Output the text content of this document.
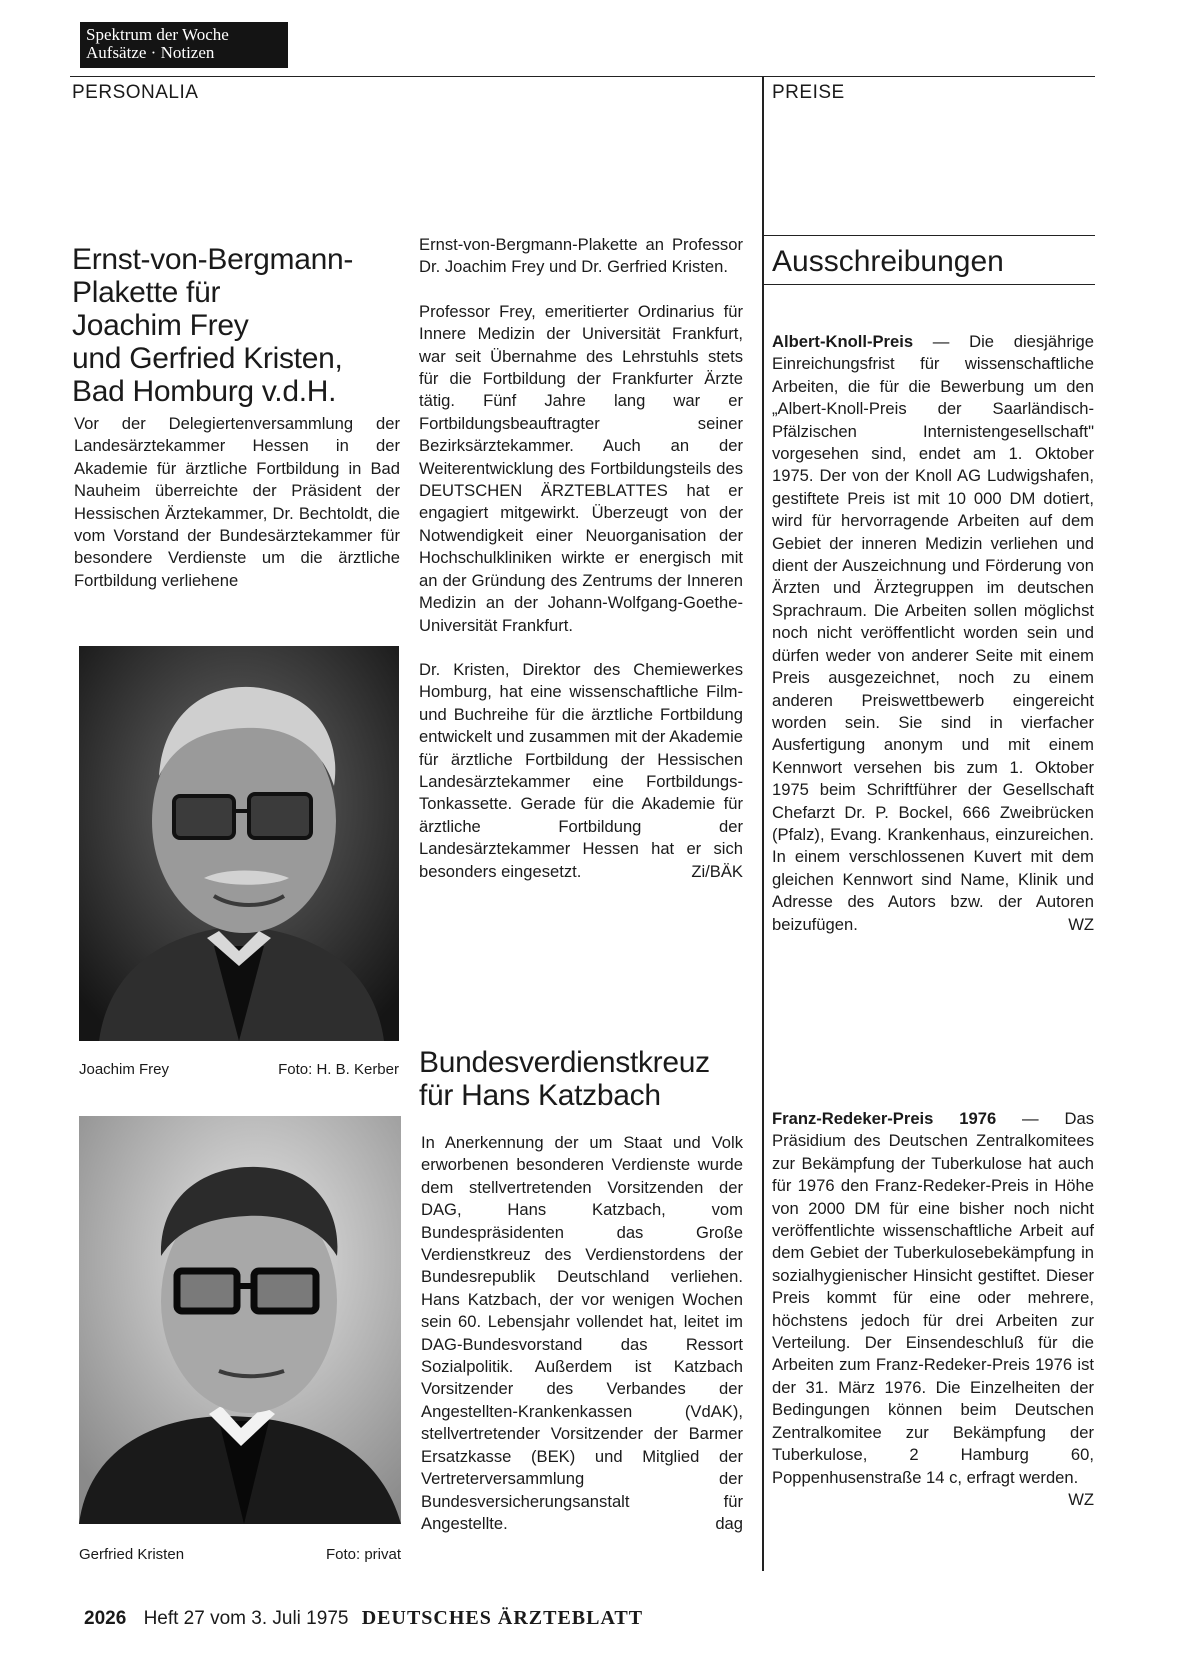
Spektrum der Woche
Aufsätze · Notizen
PERSONALIA	PREISE
Ernst-von-Bergmann-
Plakette für
Joachim Frey
und Gerfried Kristen,
Bad Homburg v.d.H.

Vor der Delegiertenversammlung der Landesärztekammer Hessen in der Akademie für ärztliche Fortbildung in Bad Nauheim überreichte der Präsident der Hessischen Ärztekammer, Dr. Bechtoldt, die vom Vorstand der Bundesärztekammer für besondere Verdienste um die ärztliche Fortbildung verliehene

Joachim Frey	Foto: H. B. Kerber
Gerfried Kristen	Foto: privat

Ernst-von-Bergmann-Plakette an Professor Dr. Joachim Frey und Dr. Gerfried Kristen.

Professor Frey, emeritierter Ordinarius für Innere Medizin der Universität Frankfurt, war seit Übernahme des Lehrstuhls stets für die Fortbildung der Frankfurter Ärzte tätig. Fünf Jahre lang war er Fortbildungsbeauftragter seiner Bezirksärztekammer. Auch an der Weiterentwicklung des Fortbildungsteils des DEUTSCHEN ÄRZTEBLATTES hat er engagiert mitgewirkt. Überzeugt von der Notwendigkeit einer Neuorganisation der Hochschulkliniken wirkte er energisch mit an der Gründung des Zentrums der Inneren Medizin an der Johann-Wolfgang-Goethe-Universität Frankfurt.

Dr. Kristen, Direktor des Chemiewerkes Homburg, hat eine wissenschaftliche Film- und Buchreihe für die ärztliche Fortbildung entwickelt und zusammen mit der Akademie für ärztliche Fortbildung der Hessischen Landesärztekammer eine Fortbildungs-Tonkassette. Gerade für die Akademie für ärztliche Fortbildung der Landesärztekammer Hessen hat er sich besonders eingesetzt.	Zi/BÄK

Bundesverdienstkreuz
für Hans Katzbach

In Anerkennung der um Staat und Volk erworbenen besonderen Verdienste wurde dem stellvertretenden Vorsitzenden der DAG, Hans Katzbach, vom Bundespräsidenten das Große Verdienstkreuz des Verdienstordens der Bundesrepublik Deutschland verliehen. Hans Katzbach, der vor wenigen Wochen sein 60. Lebensjahr vollendet hat, leitet im DAG-Bundesvorstand das Ressort Sozialpolitik. Außerdem ist Katzbach Vorsitzender des Verbandes der Angestellten-Krankenkassen (VdAK), stellvertretender Vorsitzender der Barmer Ersatzkasse (BEK) und Mitglied der Vertreterversammlung der Bundesversicherungsanstalt für Angestellte.	dag

Ausschreibungen

Albert-Knoll-Preis — Die diesjährige Einreichungsfrist für wissenschaftliche Arbeiten, die für die Bewerbung um den „Albert-Knoll-Preis der Saarländisch-Pfälzischen Internistengesellschaft" vorgesehen sind, endet am 1. Oktober 1975. Der von der Knoll AG Ludwigshafen, gestiftete Preis ist mit 10 000 DM dotiert, wird für hervorragende Arbeiten auf dem Gebiet der inneren Medizin verliehen und dient der Auszeichnung und Förderung von Ärzten und Ärztegruppen im deutschen Sprachraum. Die Arbeiten sollen möglichst noch nicht veröffentlicht worden sein und dürfen weder von anderer Seite mit einem Preis ausgezeichnet, noch zu einem anderen Preiswettbewerb eingereicht worden sein. Sie sind in vierfacher Ausfertigung anonym und mit einem Kennwort versehen bis zum 1. Oktober 1975 beim Schriftführer der Gesellschaft Chefarzt Dr. P. Bockel, 666 Zweibrücken (Pfalz), Evang. Krankenhaus, einzureichen. In einem verschlossenen Kuvert mit dem gleichen Kennwort sind Name, Klinik und Adresse des Autors bzw. der Autoren beizufügen.	WZ

Franz-Redeker-Preis 1976 — Das Präsidium des Deutschen Zentralkomitees zur Bekämpfung der Tuberkulose hat auch für 1976 den Franz-Redeker-Preis in Höhe von 2000 DM für eine bisher noch nicht veröffentlichte wissenschaftliche Arbeit auf dem Gebiet der Tuberkulosebekämpfung in sozialhygienischer Hinsicht gestiftet. Dieser Preis kommt für eine oder mehrere, höchstens jedoch für drei Arbeiten zur Verteilung. Der Einsendeschluß für die Arbeiten zum Franz-Redeker-Preis 1976 ist der 31. März 1976. Die Einzelheiten der Bedingungen können beim Deutschen Zentralkomitee zur Bekämpfung der Tuberkulose, 2 Hamburg 60, Poppenhusenstraße 14 c, erfragt werden.
WZ

2026 Heft 27 vom 3. Juli 1975 DEUTSCHES ÄRZTEBLATT
